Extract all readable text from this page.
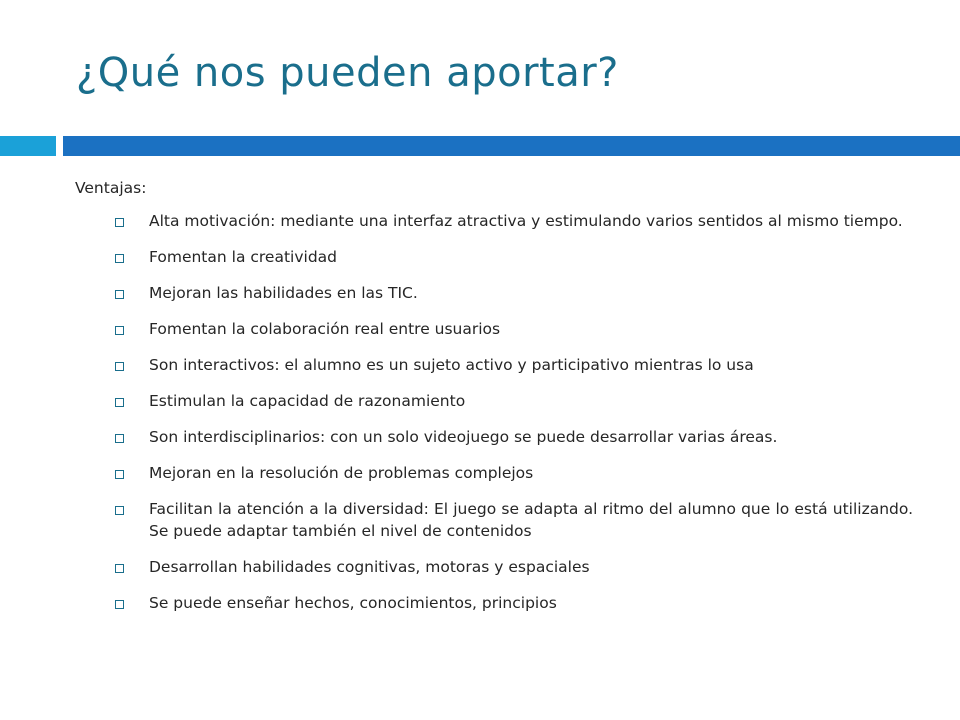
¿Qué nos pueden aportar?
Ventajas:
Alta motivación: mediante una interfaz atractiva y estimulando varios sentidos al mismo tiempo.
Fomentan la creatividad
Mejoran las habilidades en las TIC.
Fomentan la colaboración real entre usuarios
Son interactivos: el alumno es un sujeto activo y participativo mientras lo usa
Estimulan la capacidad de razonamiento
Son interdisciplinarios: con un solo videojuego se puede desarrollar varias áreas.
Mejoran en la resolución de problemas complejos
Facilitan la atención a la diversidad: El juego se adapta al ritmo del alumno que lo está utilizando. Se puede adaptar también el nivel de contenidos
Desarrollan habilidades cognitivas, motoras y espaciales
Se puede enseñar hechos, conocimientos, principios
